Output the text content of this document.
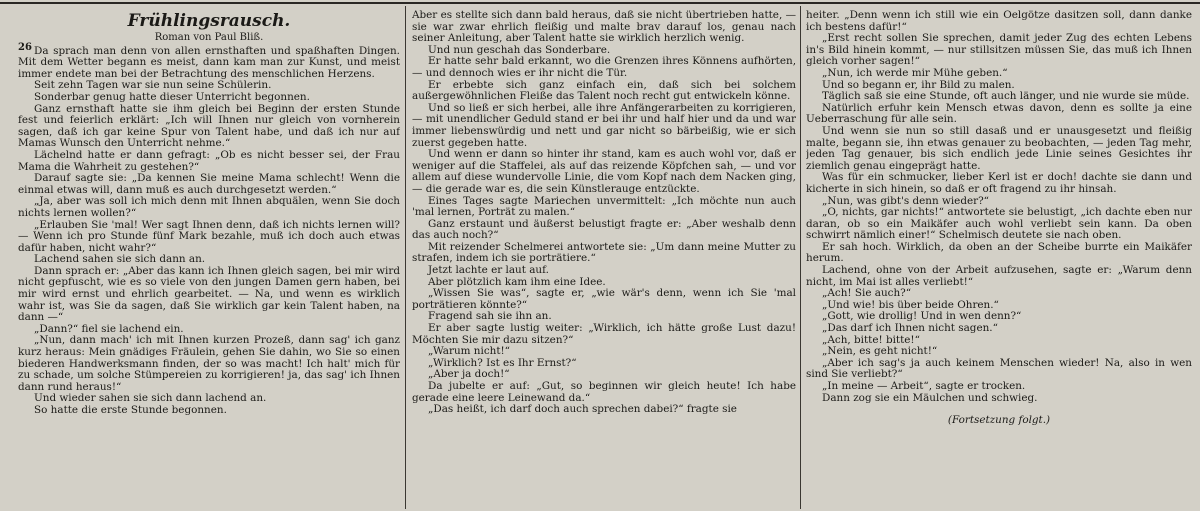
26
Frühlingsrausch.
Roman von Paul Bliß.

Da sprach man denn von allen ernsthaften und spaßhaften Dingen. Mit dem Wetter begann es meist, dann kam man zur Kunst, und meist immer endete man bei der Betrachtung des menschlichen Herzens.

Seit zehn Tagen war sie nun seine Schülerin.

Sonderbar genug hatte dieser Unterricht begonnen.

Ganz ernsthaft hatte sie ihm gleich bei Beginn der ersten Stunde fest und feierlich erklärt: „Ich will Ihnen nur gleich von vornherein sagen, daß ich gar keine Spur von Talent habe, und daß ich nur auf Mamas Wunsch den Unterricht nehme.“

Lächelnd hatte er dann gefragt: „Ob es nicht besser sei, der Frau Mama die Wahrheit zu gestehen?“

Darauf sagte sie: „Da kennen Sie meine Mama schlecht! Wenn die einmal etwas will, dann muß es auch durchgesetzt werden.“

„Ja, aber was soll ich mich denn mit Ihnen abquälen, wenn Sie doch nichts lernen wollen?“

„Erlauben Sie 'mal! Wer sagt Ihnen denn, daß ich nichts lernen will? — Wenn ich pro Stunde fünf Mark bezahle, muß ich doch auch etwas dafür haben, nicht wahr?“

Lachend sahen sie sich dann an.

Dann sprach er: „Aber das kann ich Ihnen gleich sagen, bei mir wird nicht gepfuscht, wie es so viele von den jungen Damen gern haben, bei mir wird ernst und ehrlich gearbeitet. — Na, und wenn es wirklich wahr ist, was Sie da sagen, daß Sie wirklich gar kein Talent haben, na dann —“

„Dann?“ fiel sie lachend ein.

„Nun, dann mach' ich mit Ihnen kurzen Prozeß, dann sag' ich ganz kurz heraus: Mein gnädiges Fräulein, gehen Sie dahin, wo Sie so einen biederen Handwerksmann finden, der so was macht! Ich halt' mich für zu schade, um solche Stümpereien zu korrigieren! ja, das sag' ich Ihnen dann rund heraus!“

Und wieder sahen sie sich dann lachend an.

So hatte die erste Stunde begonnen.

Aber es stellte sich dann bald heraus, daß sie nicht übertrieben hatte, — sie war zwar ehrlich fleißig und malte brav darauf los, genau nach seiner Anleitung, aber Talent hatte sie wirklich herzlich wenig.

Und nun geschah das Sonderbare.

Er hatte sehr bald erkannt, wo die Grenzen ihres Könnens aufhörten, — und dennoch wies er ihr nicht die Tür.

Er erbebte sich ganz einfach ein, daß sich bei solchem außergewöhnlichen Fleiße das Talent noch recht gut entwickeln könne.

Und so ließ er sich herbei, alle ihre Anfängerarbeiten zu korrigieren, — mit unendlicher Geduld stand er bei ihr und half hier und da und war immer liebenswürdig und nett und gar nicht so bärbeißig, wie er sich zuerst gegeben hatte.

Und wenn er dann so hinter ihr stand, kam es auch wohl vor, daß er weniger auf die Staffelei, als auf das reizende Köpfchen sah, — und vor allem auf diese wundervolle Linie, die vom Kopf nach dem Nacken ging, — die gerade war es, die sein Künstlerauge entzückte.

Eines Tages sagte Mariechen unvermittelt: „Ich möchte nun auch 'mal lernen, Porträt zu malen.“

Ganz erstaunt und äußerst belustigt fragte er: „Aber weshalb denn das auch noch?“

Mit reizender Schelmerei antwortete sie: „Um dann meine Mutter zu strafen, indem ich sie porträtiere.“

Jetzt lachte er laut auf.

Aber plötzlich kam ihm eine Idee.

„Wissen Sie was“, sagte er, „wie wär's denn, wenn ich Sie 'mal porträtieren könnte?“

Fragend sah sie ihn an.

Er aber sagte lustig weiter: „Wirklich, ich hätte große Lust dazu! Möchten Sie mir dazu sitzen?“

„Warum nicht!“

„Wirklich? Ist es Ihr Ernst?“

„Aber ja doch!“

Da jubelte er auf: „Gut, so beginnen wir gleich heute! Ich habe gerade eine leere Leinewand da.“

„Das heißt, ich darf doch auch sprechen dabei?“ fragte sie

heiter. „Denn wenn ich still wie ein Oelgötze dasitzen soll, dann danke ich bestens dafür!“

„Erst recht sollen Sie sprechen, damit jeder Zug des echten Lebens in's Bild hinein kommt, — nur stillsitzen müssen Sie, das muß ich Ihnen gleich vorher sagen!“

„Nun, ich werde mir Mühe geben.“

Und so begann er, ihr Bild zu malen.

Täglich saß sie eine Stunde, oft auch länger, und nie wurde sie müde.

Natürlich erfuhr kein Mensch etwas davon, denn es sollte ja eine Ueberraschung für alle sein.

Und wenn sie nun so still dasaß und er unausgesetzt und fleißig malte, begann sie, ihn etwas genauer zu beobachten, — jeden Tag mehr, jeden Tag genauer, bis sich endlich jede Linie seines Gesichtes ihr ziemlich genau eingeprägt hatte.

Was für ein schmucker, lieber Kerl ist er doch! dachte sie dann und kicherte in sich hinein, so daß er oft fragend zu ihr hinsah.

„Nun, was gibt's denn wieder?“

„O, nichts, gar nichts!“ antwortete sie belustigt, „ich dachte eben nur daran, ob so ein Maikäfer auch wohl verliebt sein kann. Da oben schwirrt nämlich einer!“ Schelmisch deutete sie nach oben.

Er sah hoch. Wirklich, da oben an der Scheibe burrte ein Maikäfer herum.

Lachend, ohne von der Arbeit aufzusehen, sagte er: „Warum denn nicht, im Mai ist alles verliebt!“

„Ach! Sie auch?“

„Und wie! bis über beide Ohren.“

„Gott, wie drollig! Und in wen denn?“

„Das darf ich Ihnen nicht sagen.“

„Ach, bitte! bitte!“

„Nein, es geht nicht!“

„Aber ich sag's ja auch keinem Menschen wieder! Na, also in wen sind Sie verliebt?“

„In meine — Arbeit“, sagte er trocken.

Dann zog sie ein Mäulchen und schwieg.

(Fortsetzung folgt.)
